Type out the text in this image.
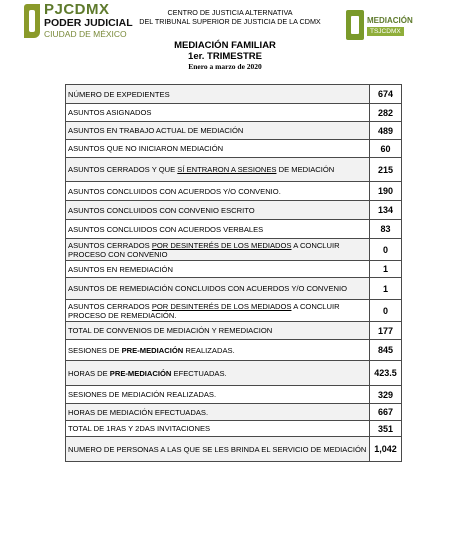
PJCDMX
PODER JUDICIAL
CIUDAD DE MÉXICO
CENTRO DE JUSTICIA ALTERNATIVA
DEL TRIBUNAL SUPERIOR DE JUSTICIA DE LA CDMX	MEDIACIÓN
TSJCDMX
MEDIACIÓN FAMILIAR
1er. TRIMESTRE
Enero a marzo de 2020
NÚMERO DE EXPEDIENTES	674
ASUNTOS ASIGNADOS	282
ASUNTOS EN TRABAJO ACTUAL DE MEDIACIÓN	489
ASUNTOS QUE NO INICIARON MEDIACIÓN	60
ASUNTOS CERRADOS Y QUE SÍ ENTRARON A SESIONES DE MEDIACIÓN	215
ASUNTOS CONCLUIDOS CON ACUERDOS Y/O CONVENIO.	190
ASUNTOS CONCLUIDOS CON CONVENIO ESCRITO	134
ASUNTOS CONCLUIDOS CON ACUERDOS VERBALES	83
ASUNTOS CERRADOS POR DESINTERÉS DE LOS MEDIADOS A CONCLUIR PROCESO CON CONVENIO	0
ASUNTOS EN REMEDIACIÓN	1
ASUNTOS DE REMEDIACIÓN CONCLUIDOS CON ACUERDOS Y/O CONVENIO	1
ASUNTOS CERRADOS POR DESINTERÉS DE LOS MEDIADOS A CONCLUIR PROCESO DE REMEDIACIÓN.	0
TOTAL DE CONVENIOS DE MEDIACIÓN Y REMEDIACION	177
SESIONES DE PRE-MEDIACIÓN REALIZADAS.	845
HORAS DE PRE-MEDIACIÓN EFECTUADAS.	423.5
SESIONES DE MEDIACIÓN REALIZADAS.	329
HORAS DE MEDIACIÓN EFECTUADAS.	667
TOTAL DE 1RAS Y 2DAS INVITACIONES	351
NUMERO DE PERSONAS A LAS QUE SE LES BRINDA EL SERVICIO DE MEDIACIÓN	1,042
